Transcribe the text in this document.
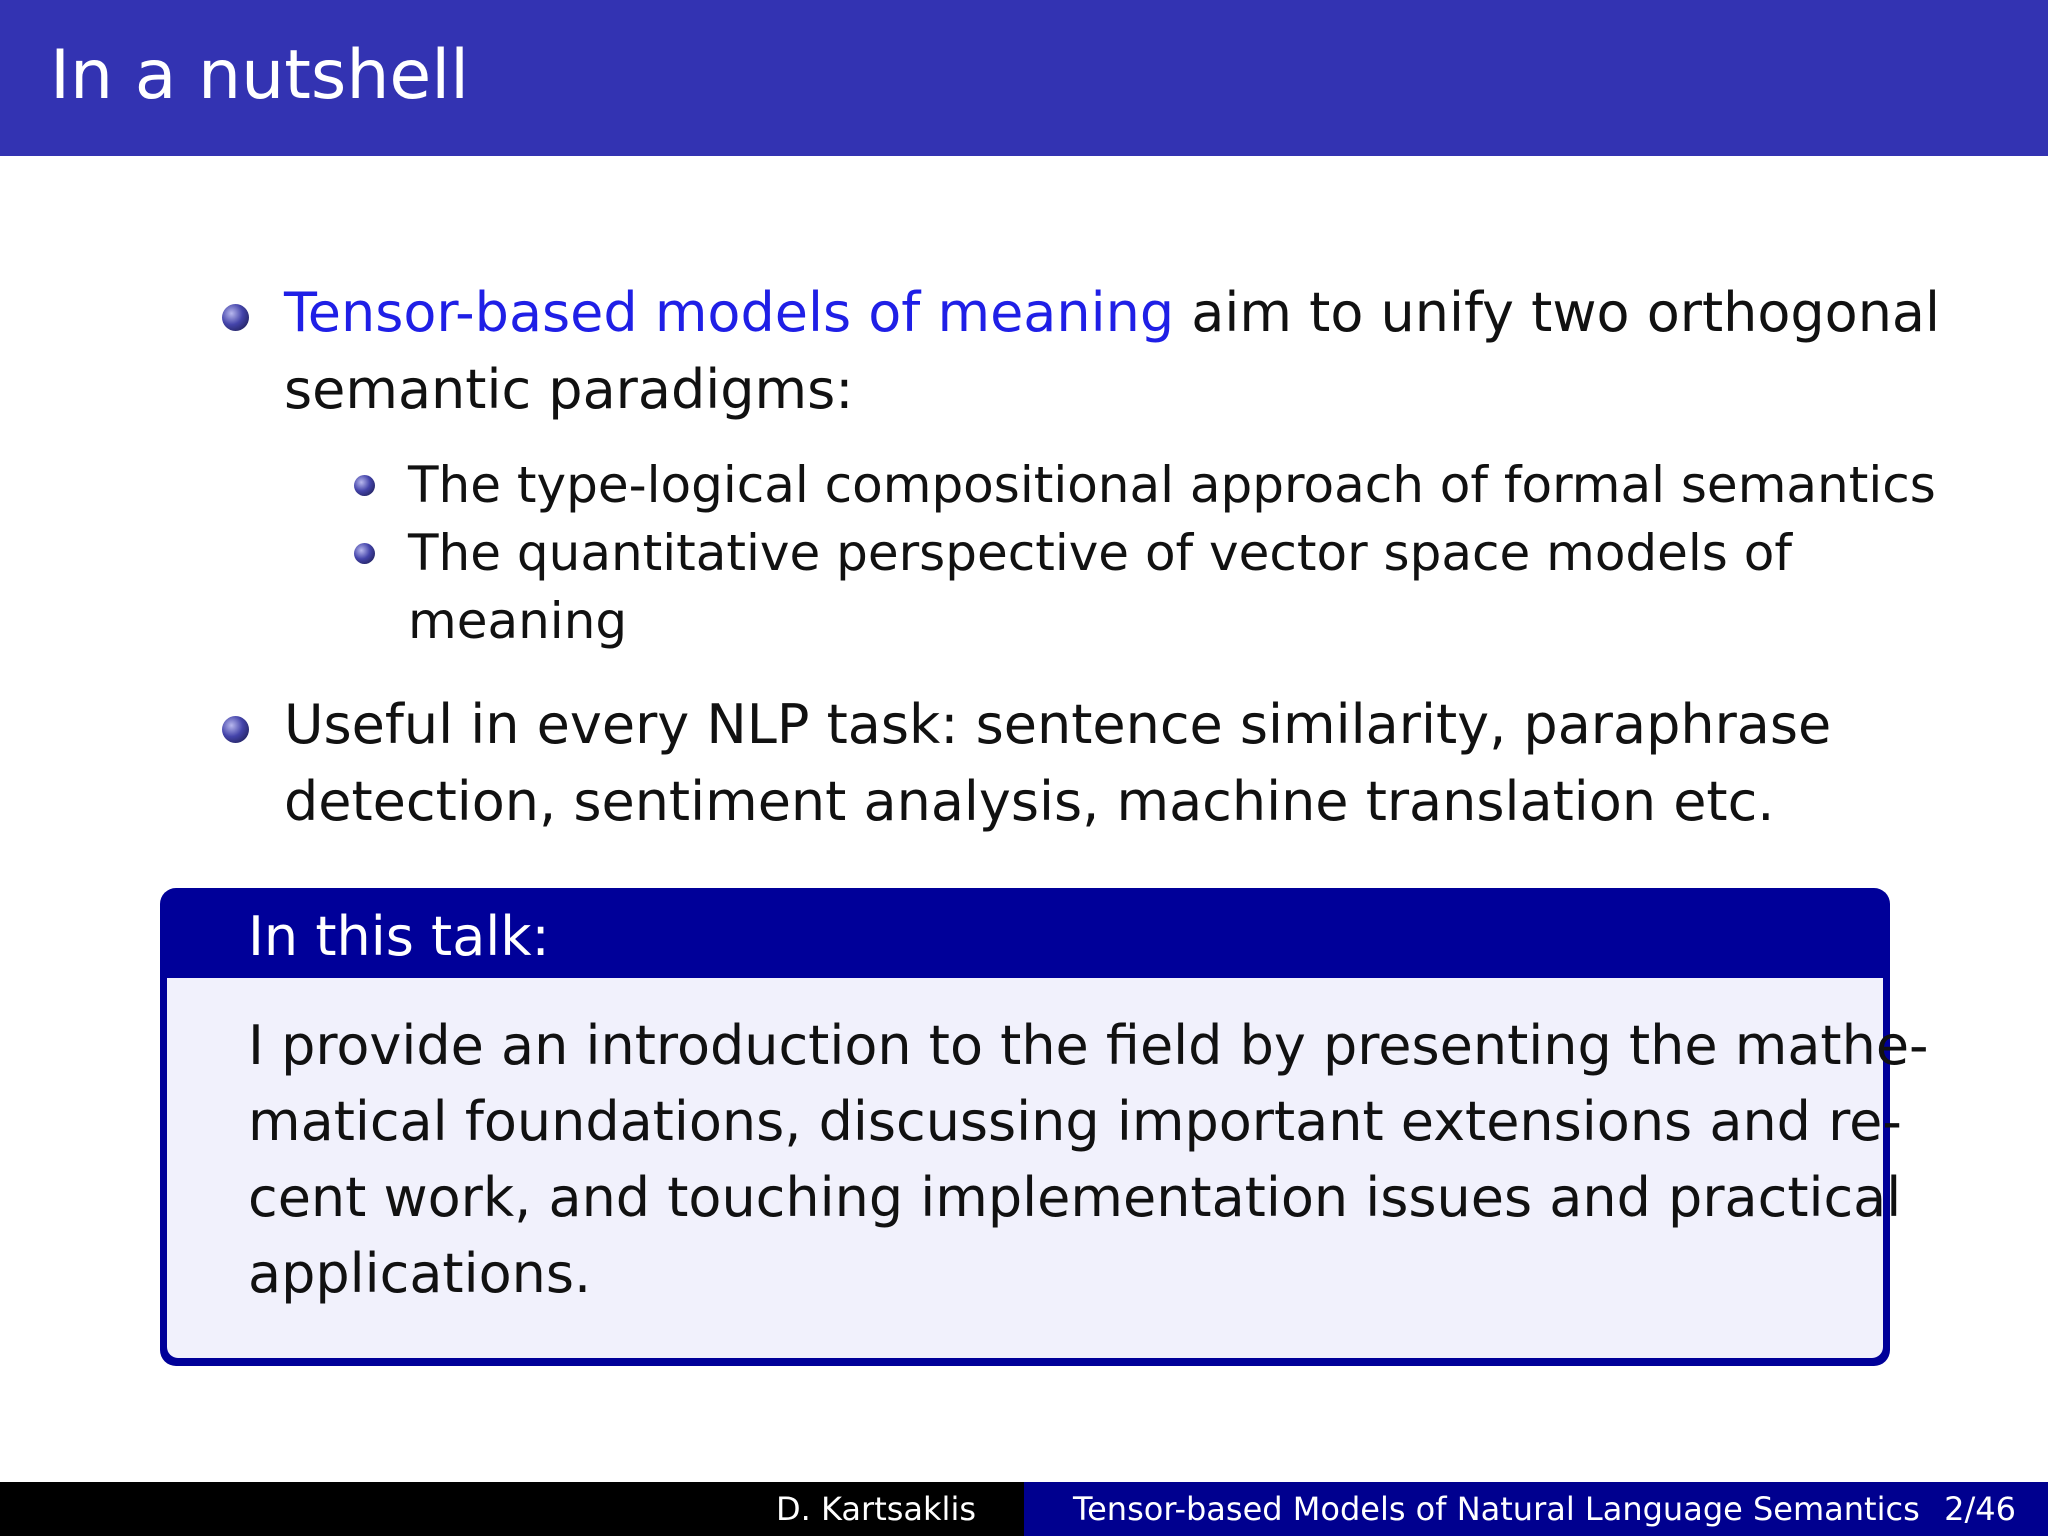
In a nutshell
Tensor-based models of meaning aim to unify two orthogonal
semantic paradigms:
The type-logical compositional approach of formal semantics
The quantitative perspective of vector space models of
meaning
Useful in every NLP task: sentence similarity, paraphrase
detection, sentiment analysis, machine translation etc.
In this talk:
I provide an introduction to the field by presenting the mathe-
matical foundations, discussing important extensions and re-
cent work, and touching implementation issues and practical
applications.
D. Kartsaklis	Tensor-based Models of Natural Language Semantics 2/46
